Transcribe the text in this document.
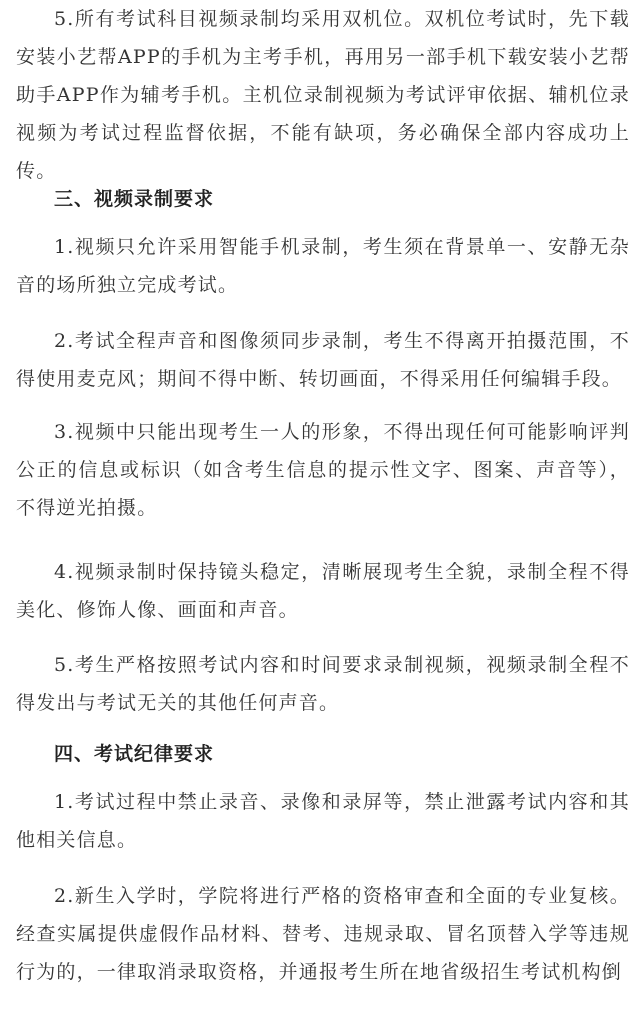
5.所有考试科目视频录制均采用双机位。双机位考试时，先下载安装小艺帮APP的手机为主考手机，再用另一部手机下载安装小艺帮助手APP作为辅考手机。主机位录制视频为考试评审依据、辅机位录视频为考试过程监督依据，不能有缺项，务必确保全部内容成功上传。

三、视频录制要求

1.视频只允许采用智能手机录制，考生须在背景单一、安静无杂音的场所独立完成考试。

2.考试全程声音和图像须同步录制，考生不得离开拍摄范围，不得使用麦克风；期间不得中断、转切画面，不得采用任何编辑手段。

3.视频中只能出现考生一人的形象，不得出现任何可能影响评判公正的信息或标识（如含考生信息的提示性文字、图案、声音等），不得逆光拍摄。

4.视频录制时保持镜头稳定，清晰展现考生全貌，录制全程不得美化、修饰人像、画面和声音。

5.考生严格按照考试内容和时间要求录制视频，视频录制全程不得发出与考试无关的其他任何声音。

四、考试纪律要求

1.考试过程中禁止录音、录像和录屏等，禁止泄露考试内容和其他相关信息。

2.新生入学时，学院将进行严格的资格审查和全面的专业复核。经查实属提供虚假作品材料、替考、违规录取、冒名顶替入学等违规行为的，一律取消录取资格，并通报考生所在地省级招生考试机构倒
